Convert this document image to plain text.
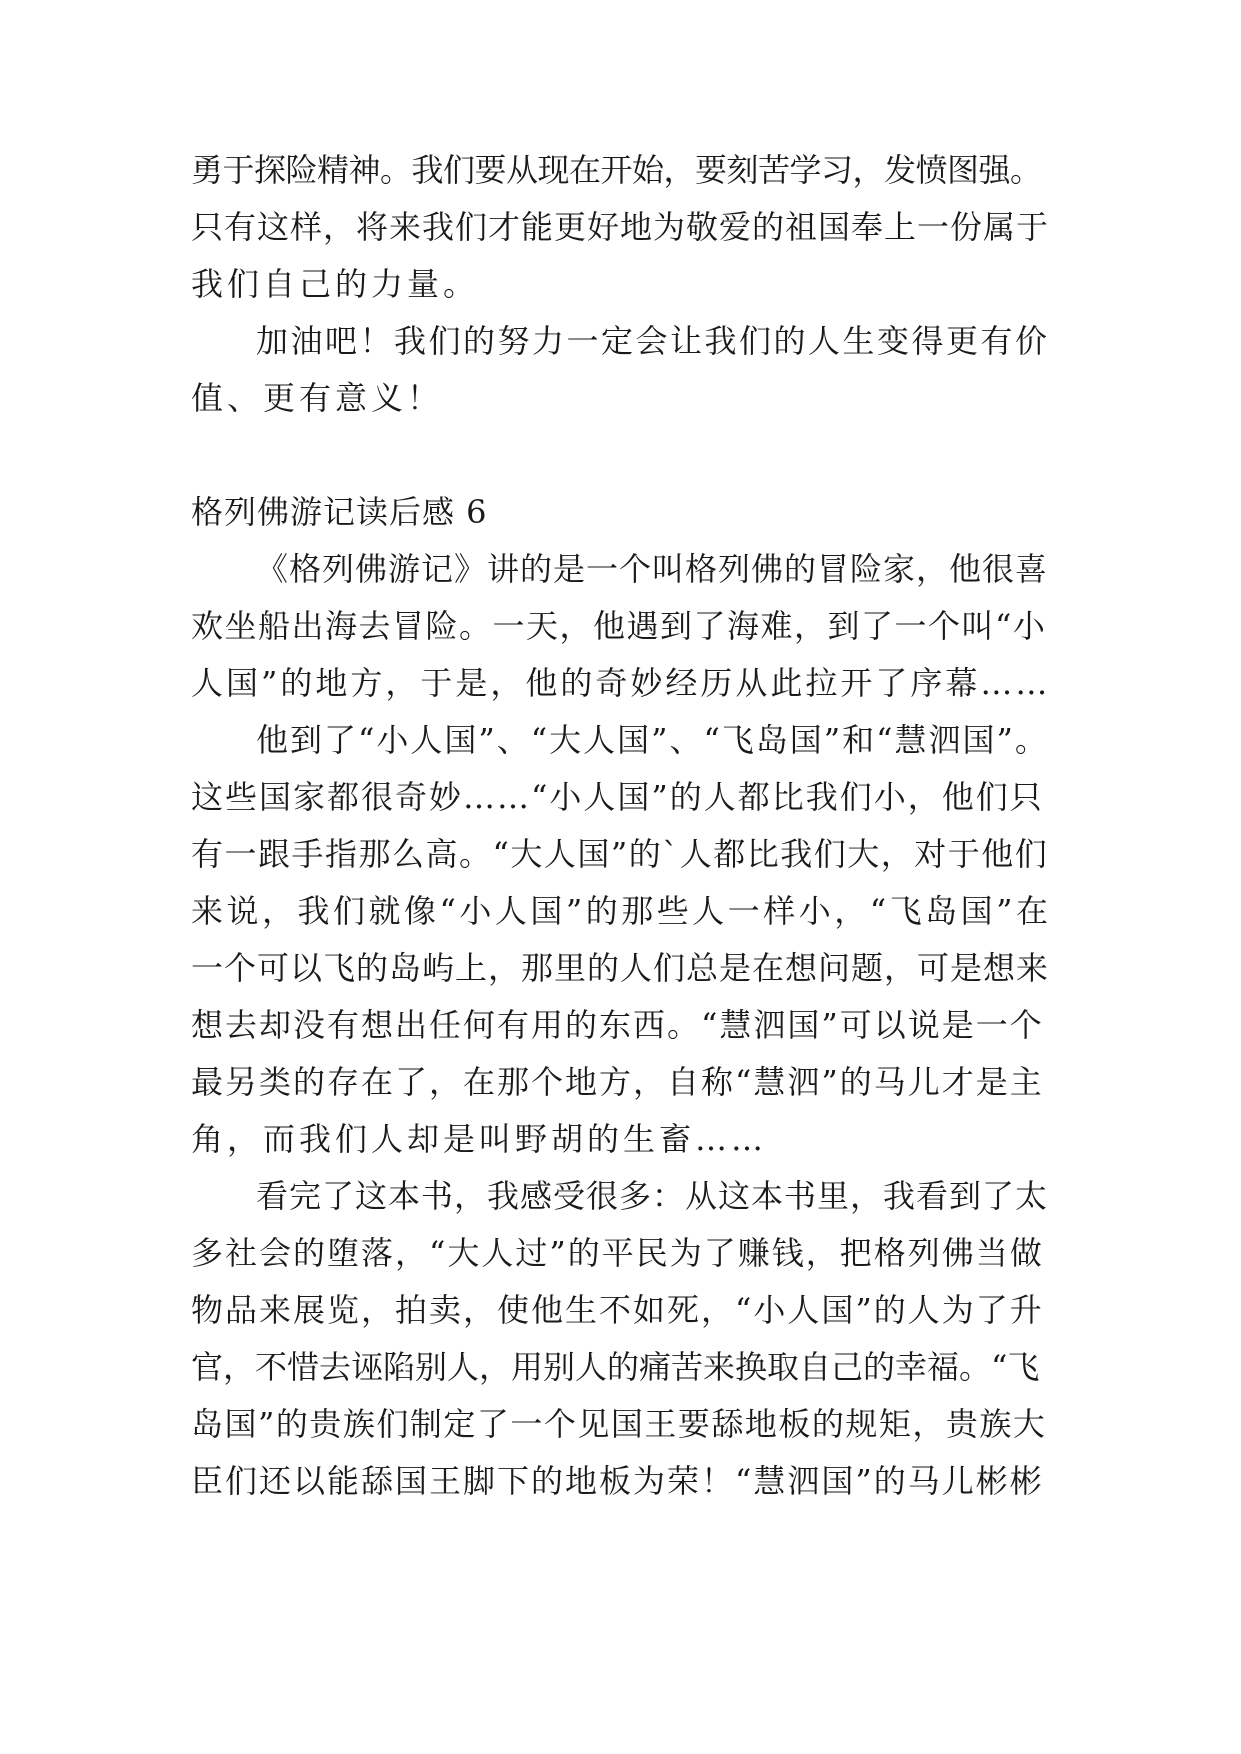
勇于探险精神。我们要从现在开始，要刻苦学习，发愤图强。
只有这样，将来我们才能更好地为敬爱的祖国奉上一份属于
我们自己的力量。
加油吧！我们的努力一定会让我们的人生变得更有价
值、更有意义！
格列佛游记读后感 6
《格列佛游记》讲的是一个叫格列佛的冒险家，他很喜
欢坐船出海去冒险。一天，他遇到了海难，到了一个叫“小
人国”的地方，于是，他的奇妙经历从此拉开了序幕……
他到了“小人国”、“大人国”、“飞岛国”和“慧泗国”。
这些国家都很奇妙……“小人国”的人都比我们小，他们只
有一跟手指那么高。“大人国”的`人都比我们大，对于他们
来说，我们就像“小人国”的那些人一样小，“飞岛国”在
一个可以飞的岛屿上，那里的人们总是在想问题，可是想来
想去却没有想出任何有用的东西。“慧泗国”可以说是一个
最另类的存在了，在那个地方，自称“慧泗”的马儿才是主
角，而我们人却是叫野胡的生畜……
看完了这本书，我感受很多：从这本书里，我看到了太
多社会的堕落，“大人过”的平民为了赚钱，把格列佛当做
物品来展览，拍卖，使他生不如死，“小人国”的人为了升
官，不惜去诬陷别人，用别人的痛苦来换取自己的幸福。“飞
岛国”的贵族们制定了一个见国王要舔地板的规矩，贵族大
臣们还以能舔国王脚下的地板为荣！“慧泗国”的马儿彬彬
